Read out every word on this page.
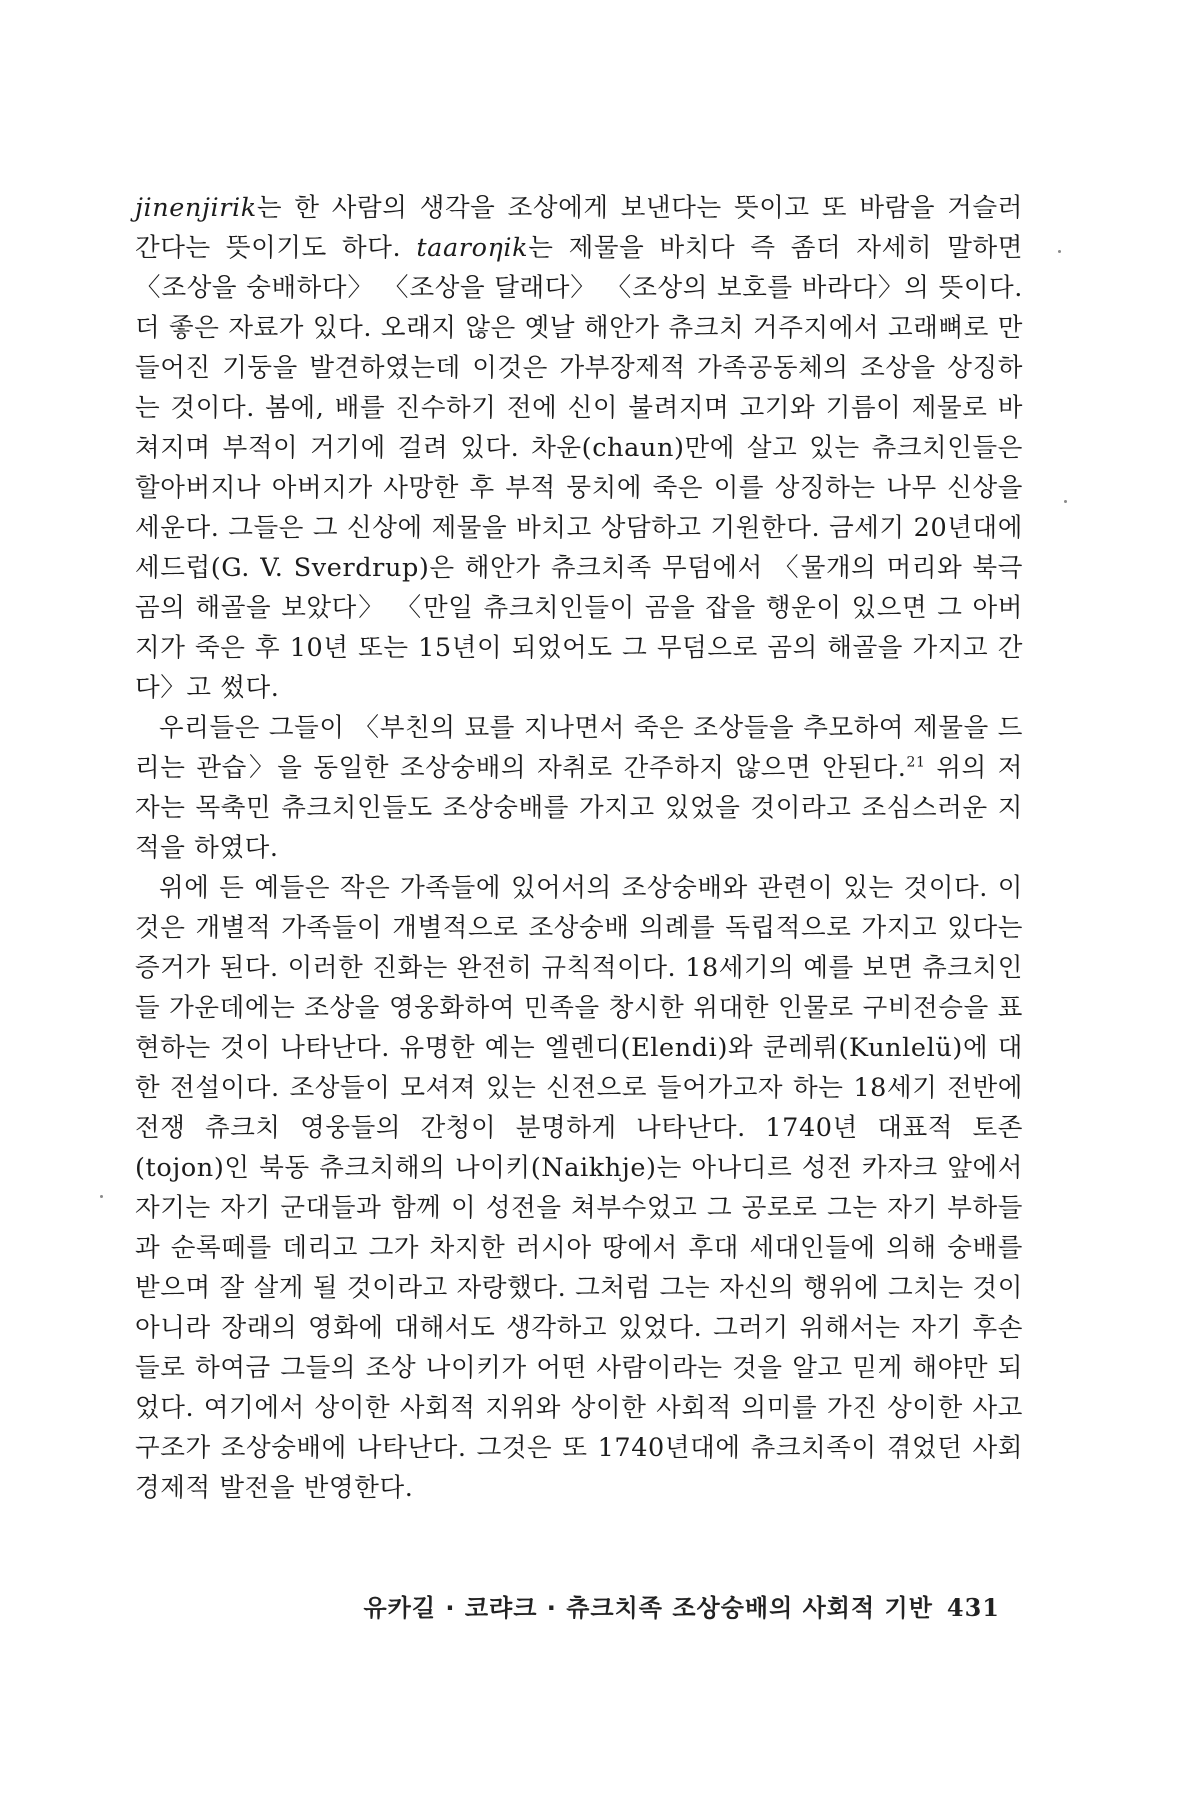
jinenjirik는 한 사람의 생각을 조상에게 보낸다는 뜻이고 또 바람을 거슬러 간다는 뜻이기도 하다. taaroηik는 제물을 바치다 즉 좀더 자세히 말하면 〈조상을 숭배하다〉 〈조상을 달래다〉 〈조상의 보호를 바라다〉의 뜻이다. 더 좋은 자료가 있다. 오래지 않은 옛날 해안가 츄크치 거주지에서 고래뼈로 만들어진 기둥을 발견하였는데 이것은 가부장제적 가족공동체의 조상을 상징하는 것이다. 봄에, 배를 진수하기 전에 신이 불려지며 고기와 기름이 제물로 바쳐지며 부적이 거기에 걸려 있다. 차운(chaun)만에 살고 있는 츄크치인들은 할아버지나 아버지가 사망한 후 부적 뭉치에 죽은 이를 상징하는 나무 신상을 세운다. 그들은 그 신상에 제물을 바치고 상담하고 기원한다. 금세기 20년대에 세드럽(G. V. Sverdrup)은 해안가 츄크치족 무덤에서 〈물개의 머리와 북극곰의 해골을 보았다〉 〈만일 츄크치인들이 곰을 잡을 행운이 있으면 그 아버지가 죽은 후 10년 또는 15년이 되었어도 그 무덤으로 곰의 해골을 가지고 간다〉고 썼다.

우리들은 그들이 〈부친의 묘를 지나면서 죽은 조상들을 추모하여 제물을 드리는 관습〉을 동일한 조상숭배의 자취로 간주하지 않으면 안된다.$^{21}$ 위의 저자는 목축민 츄크치인들도 조상숭배를 가지고 있었을 것이라고 조심스러운 지적을 하였다.

위에 든 예들은 작은 가족들에 있어서의 조상숭배와 관련이 있는 것이다. 이것은 개별적 가족들이 개별적으로 조상숭배 의례를 독립적으로 가지고 있다는 증거가 된다. 이러한 진화는 완전히 규칙적이다. 18세기의 예를 보면 츄크치인들 가운데에는 조상을 영웅화하여 민족을 창시한 위대한 인물로 구비전승을 표현하는 것이 나타난다. 유명한 예는 엘렌디(Elendi)와 쿤레뤼(Kunlelü)에 대한 전설이다. 조상들이 모셔져 있는 신전으로 들어가고자 하는 18세기 전반에 전쟁 츄크치 영웅들의 간청이 분명하게 나타난다. 1740년 대표적 토존(tojon)인 북동 츄크치해의 나이키(Naikhje)는 아나디르 성전 카자크 앞에서 자기는 자기 군대들과 함께 이 성전을 쳐부수었고 그 공로로 그는 자기 부하들과 순록떼를 데리고 그가 차지한 러시아 땅에서 후대 세대인들에 의해 숭배를 받으며 잘 살게 될 것이라고 자랑했다. 그처럼 그는 자신의 행위에 그치는 것이 아니라 장래의 영화에 대해서도 생각하고 있었다. 그러기 위해서는 자기 후손들로 하여금 그들의 조상 나이키가 어떤 사람이라는 것을 알고 믿게 해야만 되었다. 여기에서 상이한 사회적 지위와 상이한 사회적 의미를 가진 상이한 사고 구조가 조상숭배에 나타난다. 그것은 또 1740년대에 츄크치족이 겪었던 사회 경제적 발전을 반영한다.

유카길 · 코랴크 · 츄크치족 조상숭배의 사회적 기반 431
